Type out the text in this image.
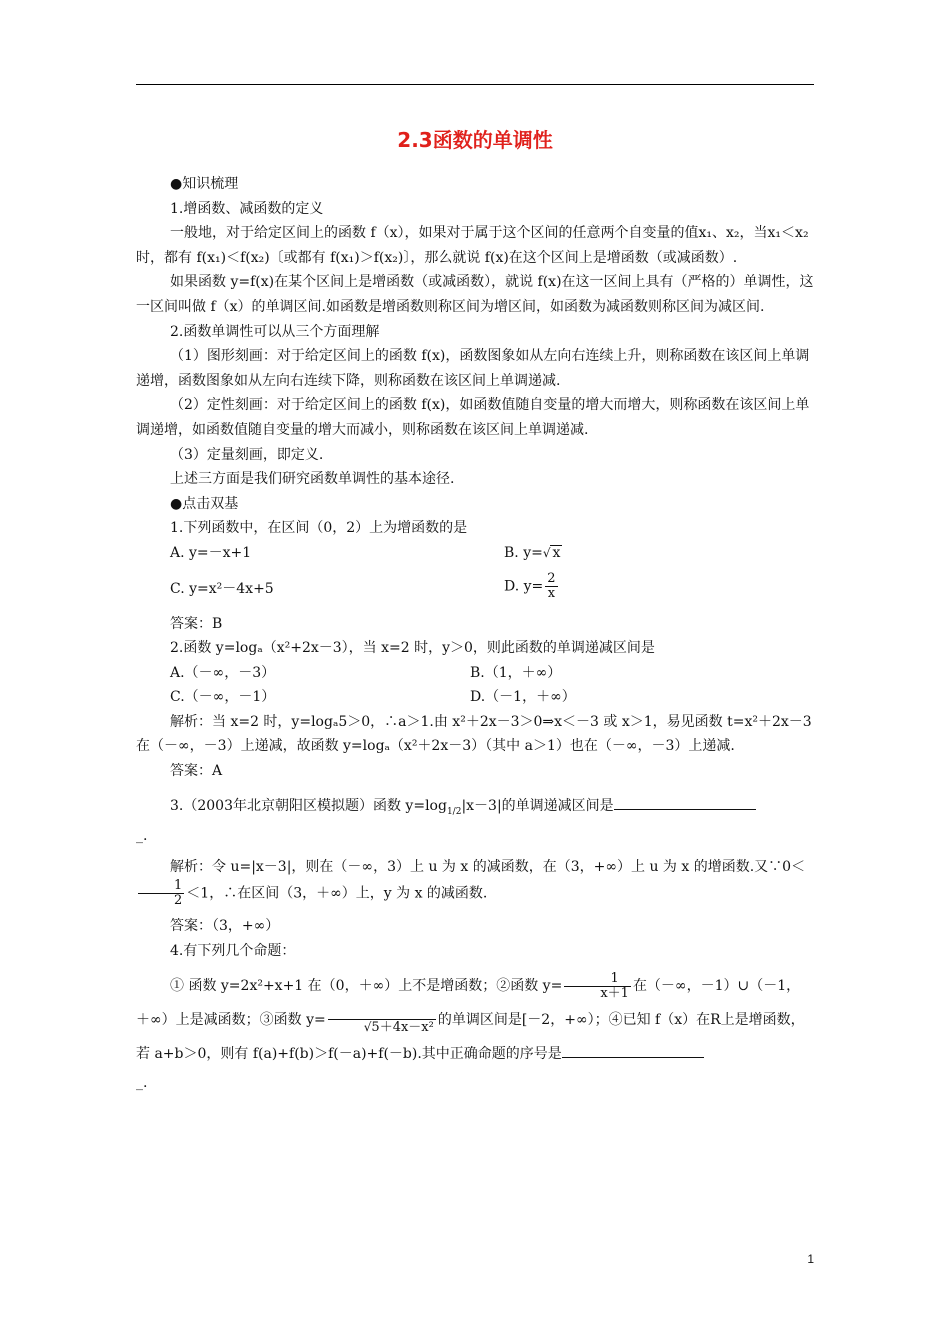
2.3函数的单调性

●知识梳理

1.增函数、减函数的定义

一般地，对于给定区间上的函数 f（x），如果对于属于这个区间的任意两个自变量的值x₁、x₂，当x₁＜x₂时，都有 f(x₁)＜f(x₂)〔或都有 f(x₁)＞f(x₂)〕，那么就说 f(x)在这个区间上是增函数（或减函数）.

如果函数 y=f(x)在某个区间上是增函数（或减函数），就说 f(x)在这一区间上具有（严格的）单调性，这一区间叫做 f（x）的单调区间.如函数是增函数则称区间为增区间，如函数为减函数则称区间为减区间.

2.函数单调性可以从三个方面理解

（1）图形刻画：对于给定区间上的函数 f(x)，函数图象如从左向右连续上升，则称函数在该区间上单调递增，函数图象如从左向右连续下降，则称函数在该区间上单调递减.

（2）定性刻画：对于给定区间上的函数 f(x)，如函数值随自变量的增大而增大，则称函数在该区间上单调递增，如函数值随自变量的增大而减小，则称函数在该区间上单调递减.

（3）定量刻画，即定义.

上述三方面是我们研究函数单调性的基本途径.

●点击双基

1.下列函数中，在区间（0，2）上为增函数的是

A. y=－x+1	B. y=√ x
C. y=x²－4x+5	D. $y= \frac{2}{x}$

答案：B

2.函数 y=logₐ（x²+2x－3），当 x=2 时，y＞0，则此函数的单调递减区间是

A.（－∞，－3）	B.（1，＋∞）
C.（－∞，－1）	D.（－1，＋∞）

解析：当 x=2 时，y=logₐ5＞0，∴a＞1.由 x²＋2x－3＞0⇒x＜－3 或 x＞1，易见函数 t=x²＋2x－3 在（－∞，－3）上递减，故函数 y=logₐ（x²＋2x－3）（其中 a＞1）也在（－∞，－3）上递减.

答案：A

3.（2003年北京朝阳区模拟题）函数 $y=\log_{1/2}|x-3|$的单调递减区间是

_.

解析：令 u=|x－3|，则在（－∞，3）上 u 为 x 的减函数，在（3，+∞）上 u 为 x 的增函数.又∵0＜
$\frac{1}{2} <1$，∴在区间（3，＋∞）上，y 为 x 的减函数.

答案：（3，+∞）

4.有下列几个命题：

① 函数 y=2x²+x+1 在（0，＋∞）上不是增函数；②函数 $y= \frac{1}{x+1}$ 在（－∞，－1）∪（－1，＋∞）上是减函数；③函数 y=
	√5＋4x－x² 的单调区间是[－2，+∞）；④已知 f（x）在R上是增函数，若 a+b＞0，则有 f(a)+f(b)＞f(－a)+f(－b).其中正确命题的序号是

_.

1
